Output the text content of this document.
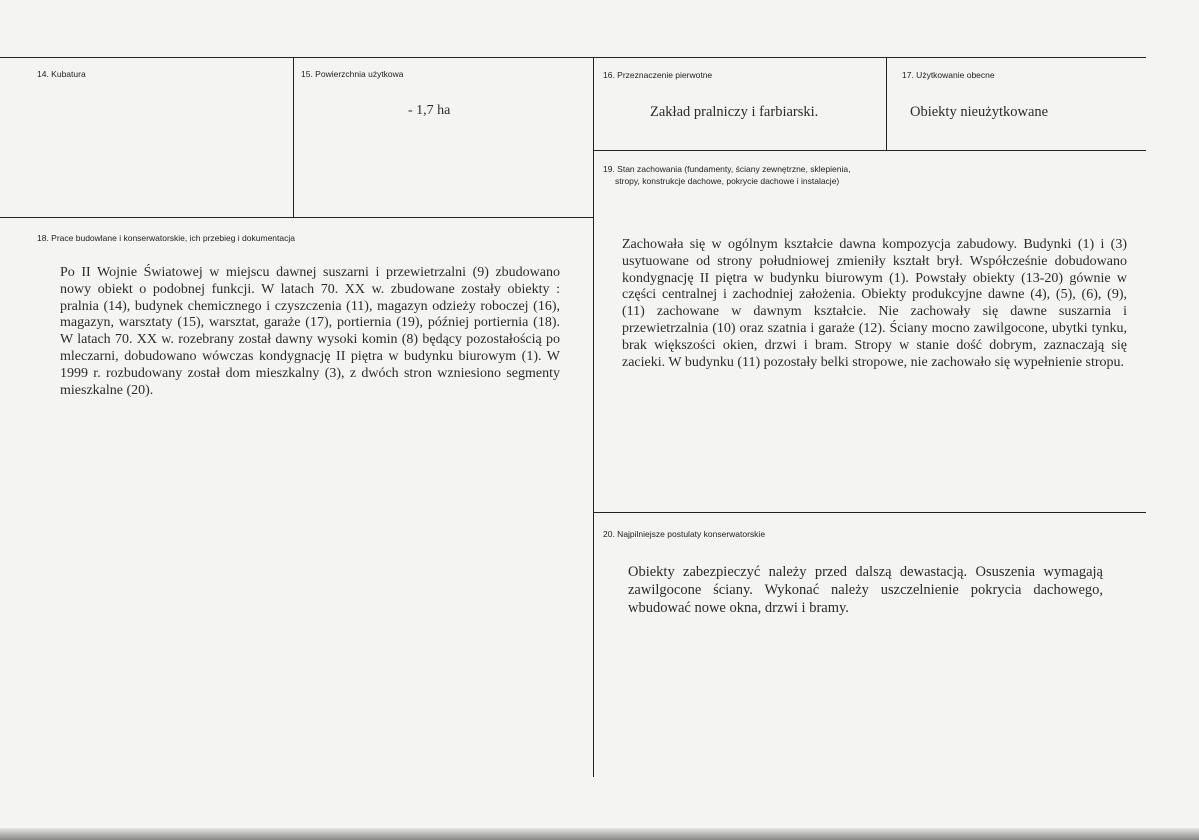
14. Kubatura	15. Powierzchnia użytkowa

- 1,7 ha

16. Przeznaczenie pierwotne

Zakład pralniczy i farbiarski.

17. Użytkowanie obecne

Obiekty nieużytkowane

18. Prace budowlane i konserwatorskie, ich przebieg i dokumentacja

Po II Wojnie Światowej w miejscu dawnej suszarni i przewietrzalni (9) zbudowano nowy obiekt o podobnej funkcji. W latach 70. XX w. zbudowane zostały obiekty : pralnia (14), budynek chemicznego i czyszczenia (11), magazyn odzieży roboczej (16), magazyn, warsztaty (15), warsztat, garaże (17), portiernia (19), później portiernia (18). W latach 70. XX w. rozebrany został dawny wysoki komin (8) będący pozostałością po mleczarni, dobudowano wówczas kondygnację II piętra w budynku biurowym (1). W 1999 r. rozbudowany został dom mieszkalny (3), z dwóch stron wzniesiono segmenty mieszkalne (20).

19. Stan zachowania (fundamenty, ściany zewnętrzne, sklepienia,

stropy, konstrukcje dachowe, pokrycie dachowe i instalacje)

Zachowała się w ogólnym kształcie dawna kompozycja zabudowy. Budynki (1) i (3) usytuowane od strony południowej zmieniły kształt brył. Współcześnie dobudowano kondygnację II piętra w budynku biurowym (1). Powstały obiekty (13-20) gównie w części centralnej i zachodniej założenia. Obiekty produkcyjne dawne (4), (5), (6), (9), (11) zachowane w dawnym kształcie. Nie zachowały się dawne suszarnia i przewietrzalnia (10) oraz szatnia i garaże (12). Ściany mocno zawilgocone, ubytki tynku, brak większości okien, drzwi i bram. Stropy w stanie dość dobrym, zaznaczają się zacieki. W budynku (11) pozostały belki stropowe, nie zachowało się wypełnienie stropu.

20. Najpilniejsze postulaty konserwatorskie

Obiekty zabezpieczyć należy przed dalszą dewastacją. Osuszenia wymagają zawilgocone ściany. Wykonać należy uszczelnienie pokrycia dachowego, wbudować nowe okna, drzwi i bramy.
